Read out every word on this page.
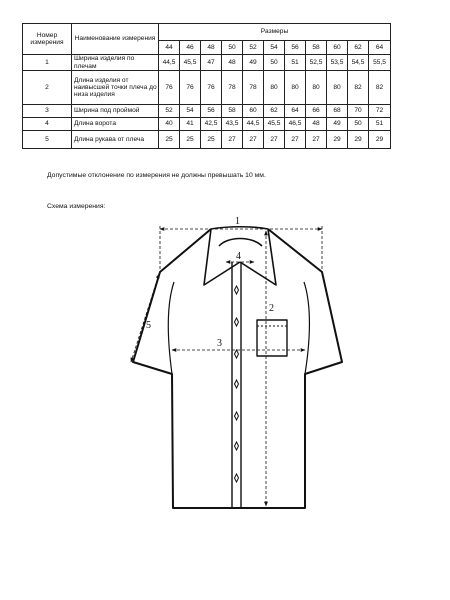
Номер измерения	Наименование измерения	Размеры										
		44	46	48	50	52	54	56	58	60	62	64
1	Ширина изделия по плечам	44,5	45,5	47	48	49	50	51	52,5	53,5	54,5	55,5
2	Длина изделия от наивысшей точки плеча до низа изделия	76	76	76	78	78	80	80	80	80	82	82
3	Ширина под проймой	52	54	56	58	60	62	64	66	68	70	72
4	Длина ворота	40	41	42,5	43,5	44,5	45,5	46,5	48	49	50	51
5	Длина рукава от плеча	25	25	25	27	27	27	27	27	29	29	29
Допустимые отклонение по измерения не должны превышать 10 мм.
Схема измерения:
1
2
3
4
5
